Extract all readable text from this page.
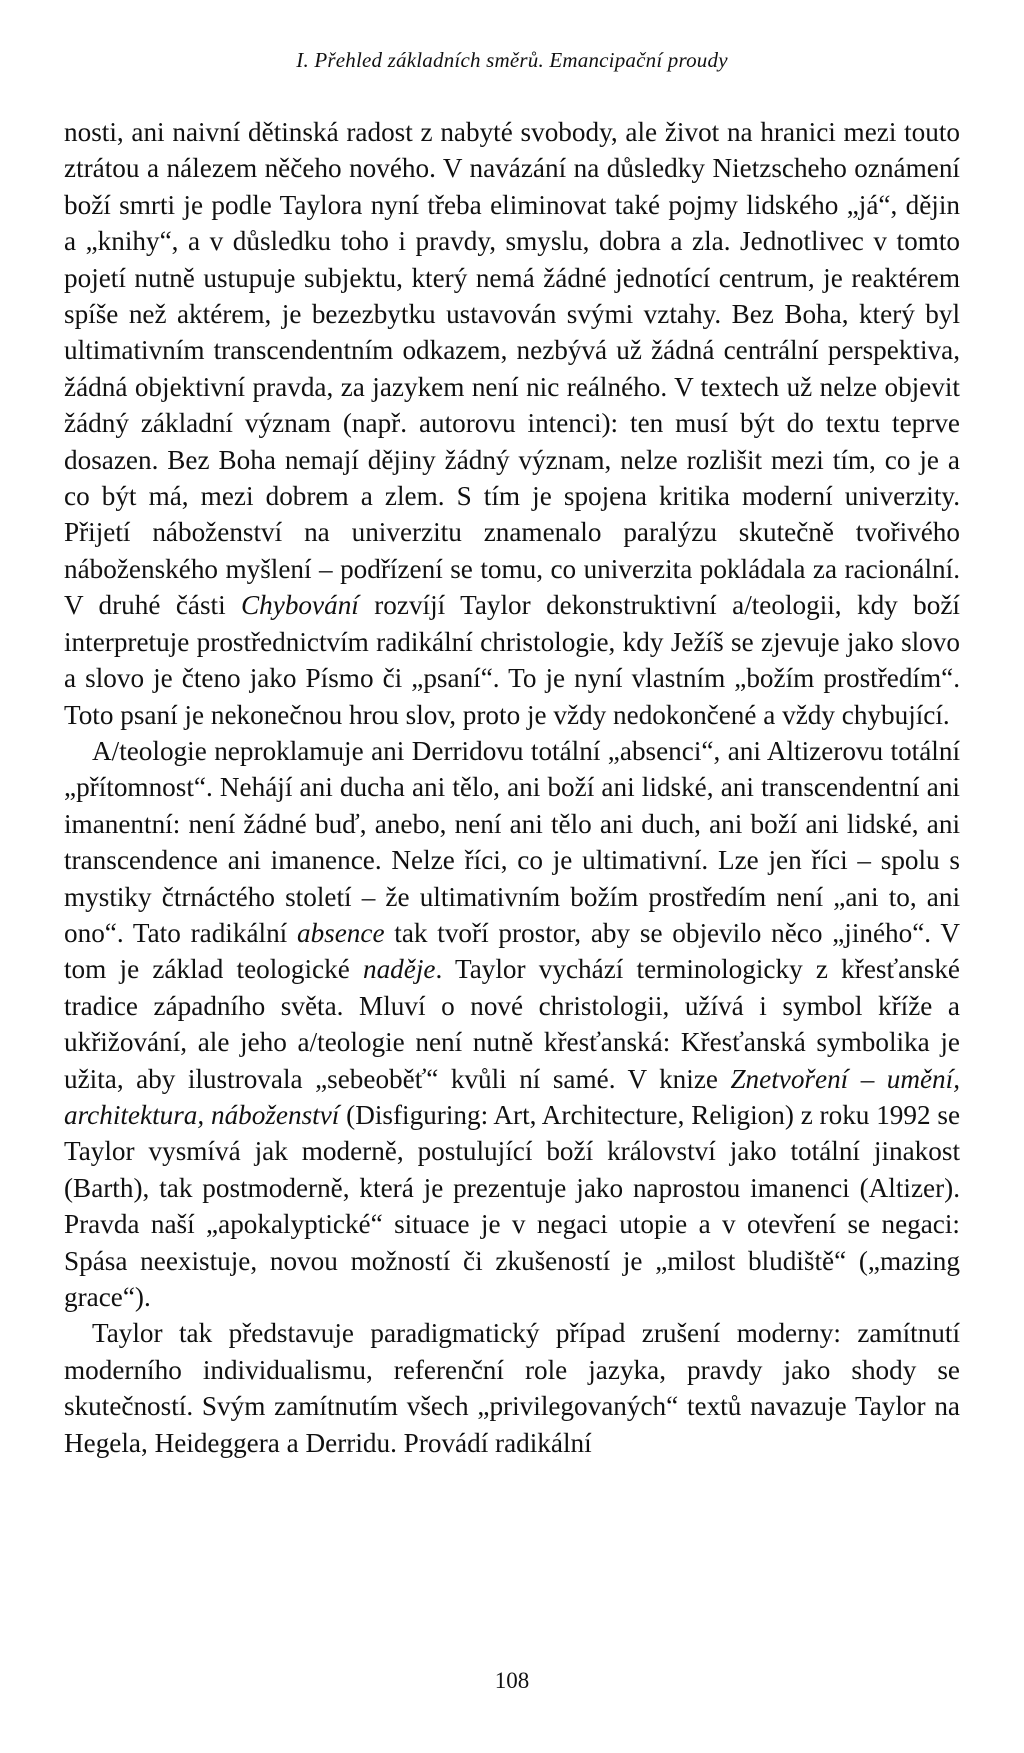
I. Přehled základních směrů. Emancipační proudy

nosti, ani naivní dětinská radost z nabyté svobody, ale život na hranici mezi touto ztrátou a nálezem něčeho nového. V navázání na důsledky Nietzscheho oznámení boží smrti je podle Taylora nyní třeba eliminovat také pojmy lidského „já“, dějin a „knihy“, a v důsledku toho i pravdy, smyslu, dobra a zla. Jednotlivec v tomto pojetí nutně ustupuje subjektu, který nemá žádné jednotící centrum, je reaktérem spíše než aktérem, je bezezbytku ustavován svými vztahy. Bez Boha, který byl ultimativním transcendentním odkazem, nezbývá už žádná centrální perspektiva, žádná objektivní pravda, za jazykem není nic reálného. V textech už nelze objevit žádný základní význam (např. autorovu intenci): ten musí být do textu teprve dosazen. Bez Boha nemají dějiny žádný význam, nelze rozlišit mezi tím, co je a co být má, mezi dobrem a zlem. S tím je spojena kritika moderní univerzity. Přijetí náboženství na univerzitu znamenalo paralýzu skutečně tvořivého náboženského myšlení – podřízení se tomu, co univerzita pokládala za racionální. V druhé části Chybování rozvíjí Taylor dekonstruktivní a/teologii, kdy boží interpretuje prostřednictvím radikální christologie, kdy Ježíš se zjevuje jako slovo a slovo je čteno jako Písmo či „psaní“. To je nyní vlastním „božím prostředím“. Toto psaní je nekonečnou hrou slov, proto je vždy nedokončené a vždy chybující.

A/teologie neproklamuje ani Derridovu totální „absenci“, ani Altizerovu totální „přítomnost“. Nehájí ani ducha ani tělo, ani boží ani lidské, ani transcendentní ani imanentní: není žádné buď, anebo, není ani tělo ani duch, ani boží ani lidské, ani transcendence ani imanence. Nelze říci, co je ultimativní. Lze jen říci – spolu s mystiky čtrnáctého století – že ultimativním božím prostředím není „ani to, ani ono“. Tato radikální absence tak tvoří prostor, aby se objevilo něco „jiného“. V tom je základ teologické naděje. Taylor vychází terminologicky z křesťanské tradice západního světa. Mluví o nové christologii, užívá i symbol kříže a ukřižování, ale jeho a/teologie není nutně křesťanská: Křesťanská symbolika je užita, aby ilustrovala „sebeoběť“ kvůli ní samé. V knize Znetvoření – umění, architektura, náboženství (Disfiguring: Art, Architecture, Religion) z roku 1992 se Taylor vysmívá jak moderně, postulující boží království jako totální jinakost (Barth), tak postmoderně, která je prezentuje jako naprostou imanenci (Altizer). Pravda naší „apokalyptické“ situace je v negaci utopie a v otevření se negaci: Spása neexistuje, novou možností či zkušeností je „milost bludiště“ („mazing grace“).

Taylor tak představuje paradigmatický případ zrušení moderny: zamítnutí moderního individualismu, referenční role jazyka, pravdy jako shody se skutečností. Svým zamítnutím všech „privilegovaných“ textů navazuje Taylor na Hegela, Heideggera a Derridu. Provádí radikální

108
